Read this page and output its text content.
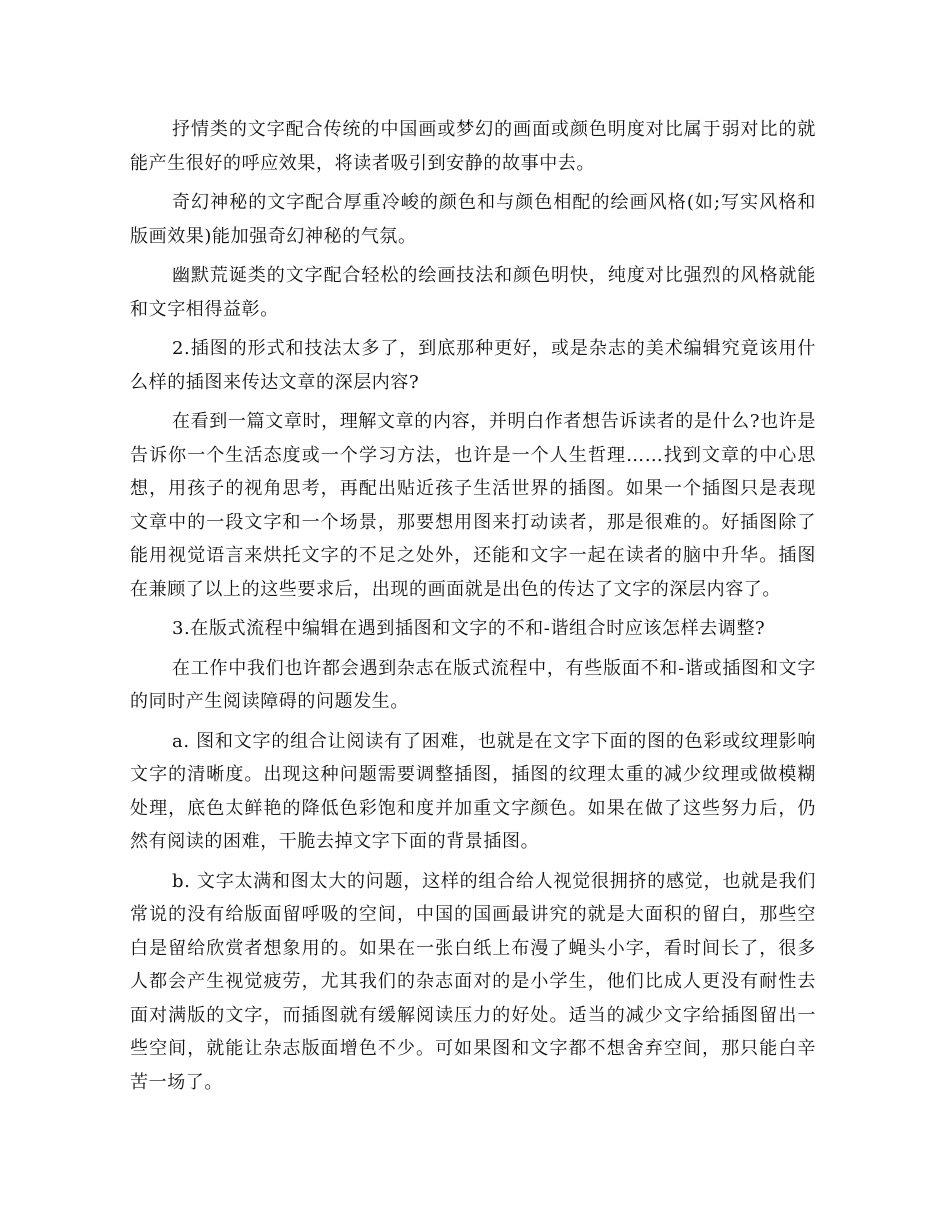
抒情类的文字配合传统的中国画或梦幻的画面或颜色明度对比属于弱对比的就能产生很好的呼应效果，将读者吸引到安静的故事中去。

奇幻神秘的文字配合厚重冷峻的颜色和与颜色相配的绘画风格(如;写实风格和版画效果)能加强奇幻神秘的气氛。

幽默荒诞类的文字配合轻松的绘画技法和颜色明快，纯度对比强烈的风格就能和文字相得益彰。

2.插图的形式和技法太多了，到底那种更好，或是杂志的美术编辑究竟该用什么样的插图来传达文章的深层内容?

在看到一篇文章时，理解文章的内容，并明白作者想告诉读者的是什么?也许是告诉你一个生活态度或一个学习方法，也许是一个人生哲理……找到文章的中心思想，用孩子的视角思考，再配出贴近孩子生活世界的插图。如果一个插图只是表现文章中的一段文字和一个场景，那要想用图来打动读者，那是很难的。好插图除了能用视觉语言来烘托文字的不足之处外，还能和文字一起在读者的脑中升华。插图在兼顾了以上的这些要求后，出现的画面就是出色的传达了文字的深层内容了。

3.在版式流程中编辑在遇到插图和文字的不和-谐组合时应该怎样去调整?

在工作中我们也许都会遇到杂志在版式流程中，有些版面不和-谐或插图和文字的同时产生阅读障碍的问题发生。

a. 图和文字的组合让阅读有了困难，也就是在文字下面的图的色彩或纹理影响文字的清晰度。出现这种问题需要调整插图，插图的纹理太重的减少纹理或做模糊处理，底色太鲜艳的降低色彩饱和度并加重文字颜色。如果在做了这些努力后，仍然有阅读的困难，干脆去掉文字下面的背景插图。

b. 文字太满和图太大的问题，这样的组合给人视觉很拥挤的感觉，也就是我们常说的没有给版面留呼吸的空间，中国的国画最讲究的就是大面积的留白，那些空白是留给欣赏者想象用的。如果在一张白纸上布漫了蝇头小字，看时间长了，很多人都会产生视觉疲劳，尤其我们的杂志面对的是小学生，他们比成人更没有耐性去面对满版的文字，而插图就有缓解阅读压力的好处。适当的减少文字给插图留出一些空间，就能让杂志版面增色不少。可如果图和文字都不想舍弃空间，那只能白辛苦一场了。
